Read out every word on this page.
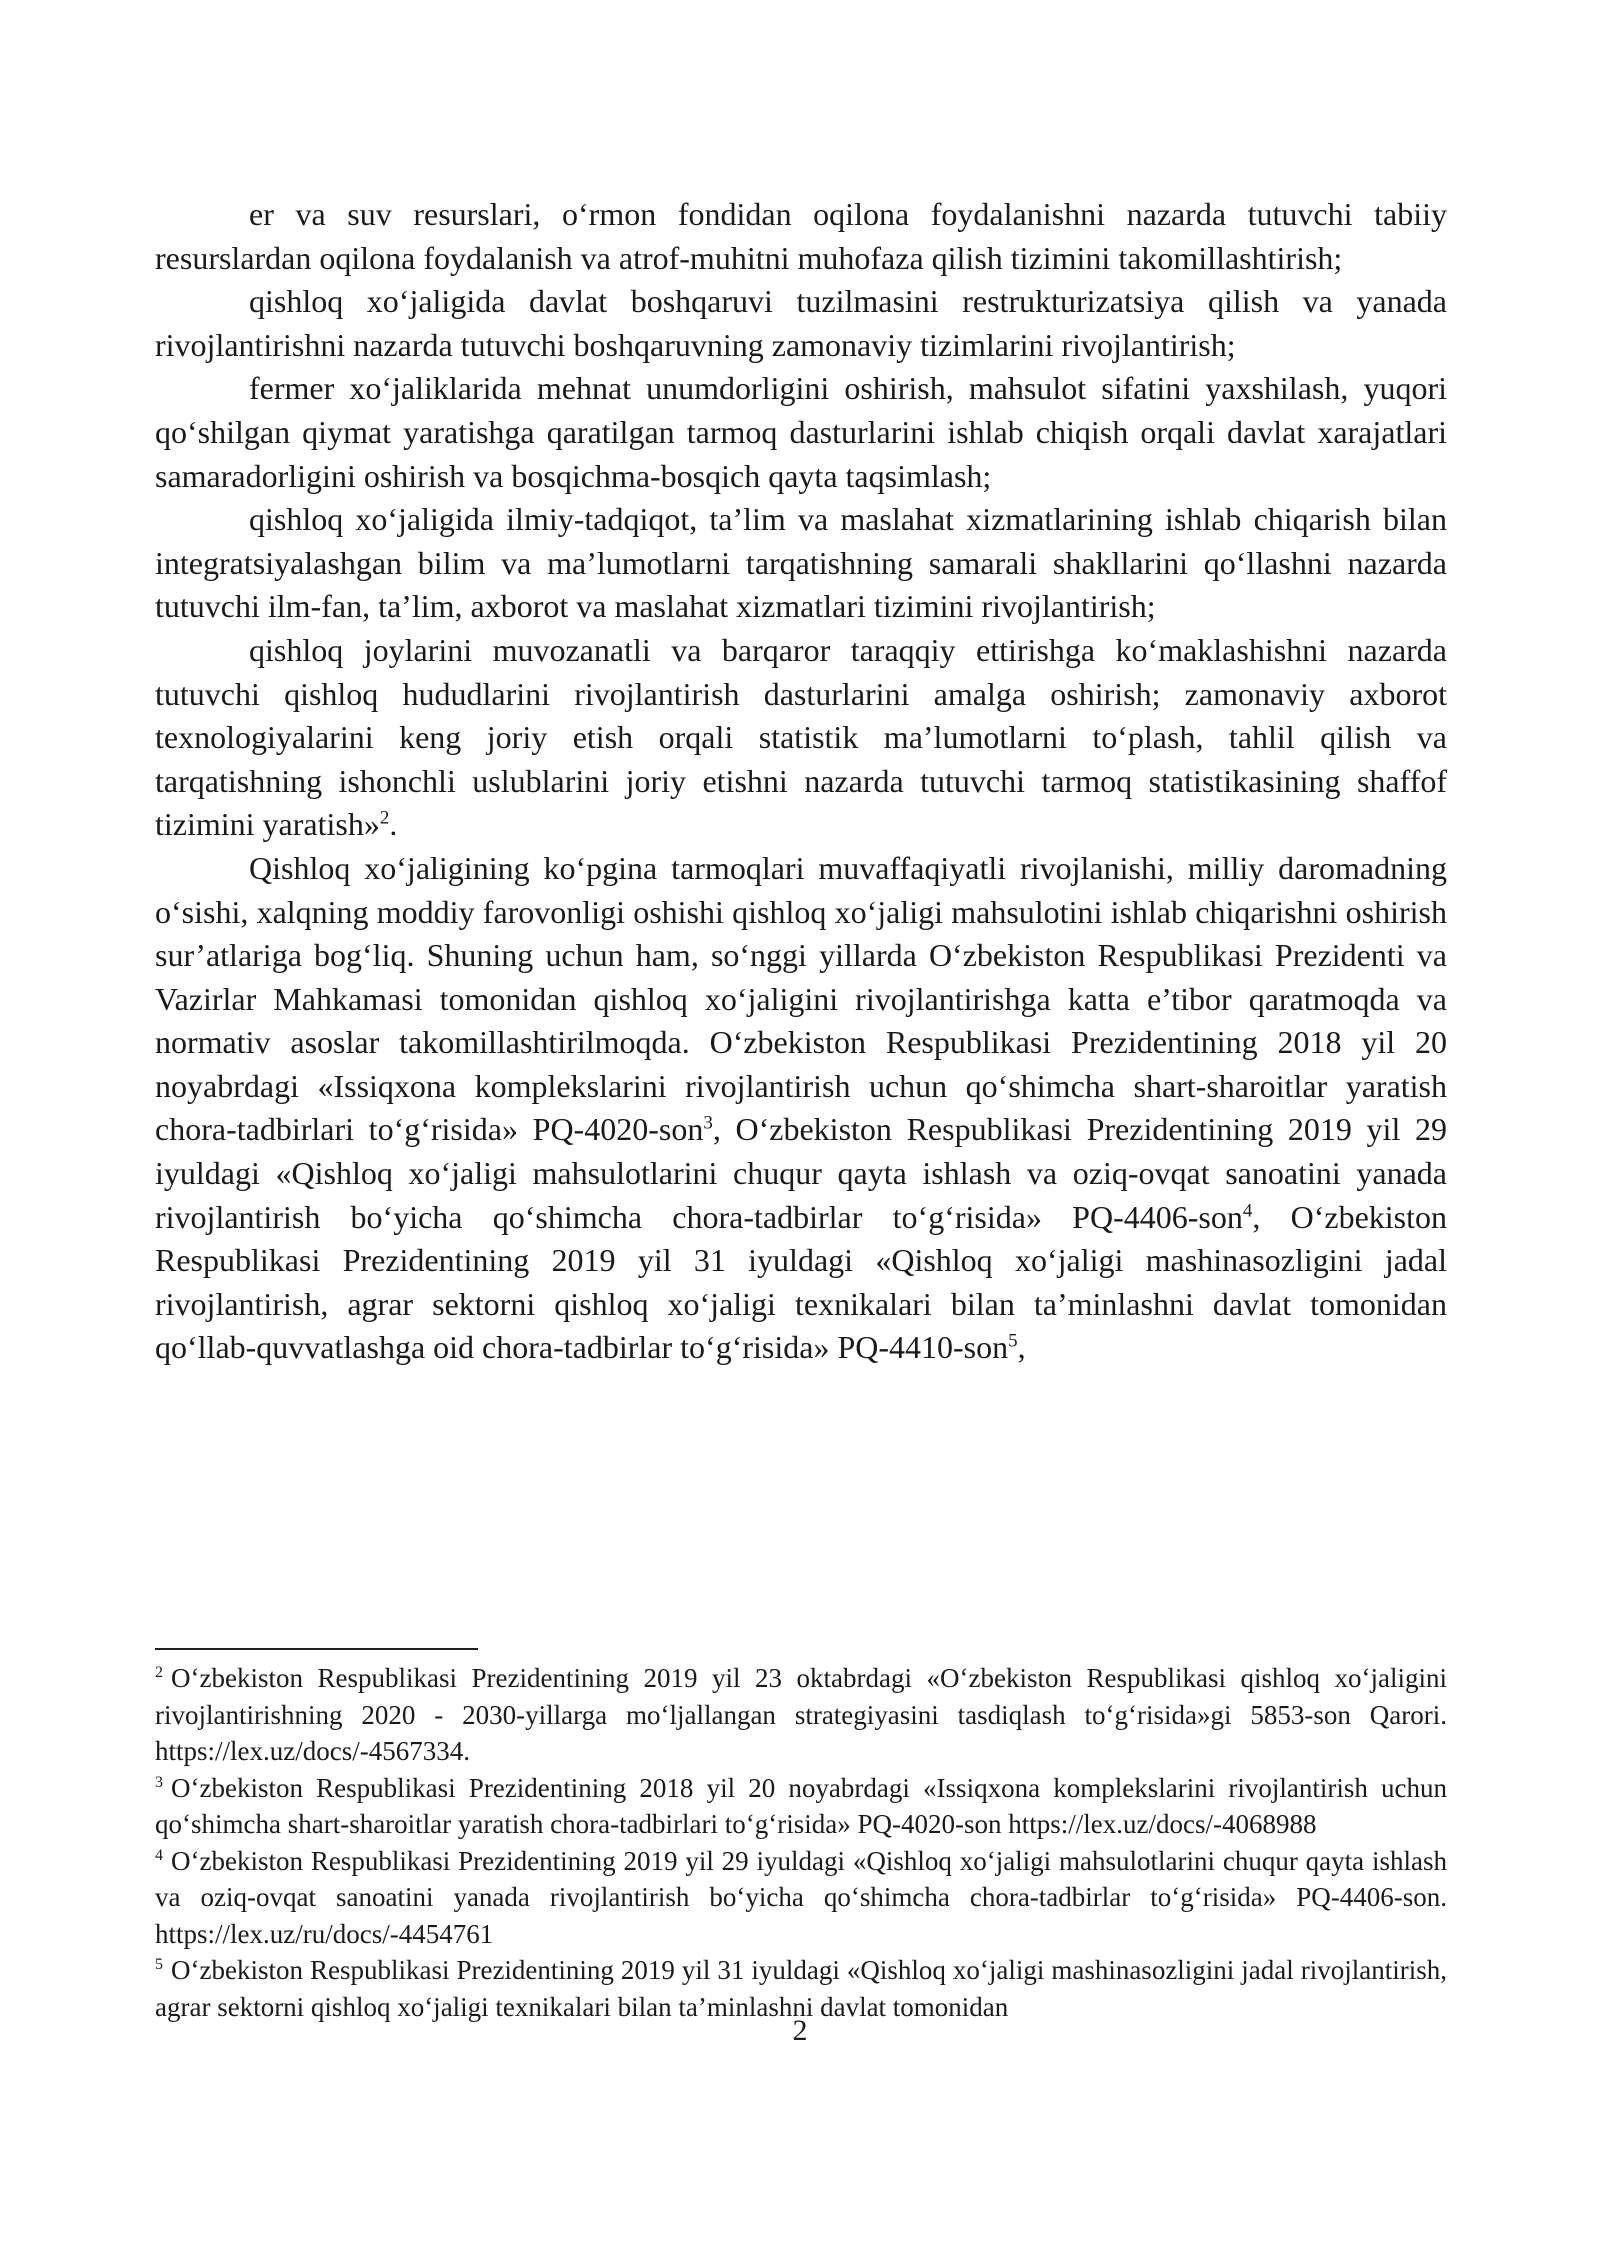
er va suv resurslari, o‘rmon fondidan oqilona foydalanishni nazarda tutuvchi tabiiy resurslardan oqilona foydalanish va atrof-muhitni muhofaza qilish tizimini takomillashtirish;

qishloq xo‘jaligida davlat boshqaruvi tuzilmasini restrukturizatsiya qilish va yanada rivojlantirishni nazarda tutuvchi boshqaruvning zamonaviy tizimlarini rivojlantirish;

fermer xo‘jaliklarida mehnat unumdorligini oshirish, mahsulot sifatini yaxshilash, yuqori qo‘shilgan qiymat yaratishga qaratilgan tarmoq dasturlarini ishlab chiqish orqali davlat xarajatlari samaradorligini oshirish va bosqichma-bosqich qayta taqsimlash;

qishloq xo‘jaligida ilmiy-tadqiqot, ta’lim va maslahat xizmatlarining ishlab chiqarish bilan integratsiyalashgan bilim va ma’lumotlarni tarqatishning samarali shakllarini qo‘llashni nazarda tutuvchi ilm-fan, ta’lim, axborot va maslahat xizmatlari tizimini rivojlantirish;

qishloq joylarini muvozanatli va barqaror taraqqiy ettirishga ko‘maklashishni nazarda tutuvchi qishloq hududlarini rivojlantirish dasturlarini amalga oshirish; zamonaviy axborot texnologiyalarini keng joriy etish orqali statistik ma’lumotlarni to‘plash, tahlil qilish va tarqatishning ishonchli uslublarini joriy etishni nazarda tutuvchi tarmoq statistikasining shaffof tizimini yaratish»$^2$.

Qishloq xo‘jaligining ko‘pgina tarmoqlari muvaffaqiyatli rivojlanishi, milliy daromadning o‘sishi, xalqning moddiy farovonligi oshishi qishloq xo‘jaligi mahsulotini ishlab chiqarishni oshirish sur’atlariga bog‘liq. Shuning uchun ham, so‘nggi yillarda O‘zbekiston Respublikasi Prezidenti va Vazirlar Mahkamasi tomonidan qishloq xo‘jaligini rivojlantirishga katta e’tibor qaratmoqda va normativ asoslar takomillashtirilmoqda. O‘zbekiston Respublikasi Prezidentining 2018 yil 20 noyabrdagi «Issiqxona komplekslarini rivojlantirish uchun qo‘shimcha shart-sharoitlar yaratish chora-tadbirlari to‘g‘risida» PQ-4020-son$^3$, O‘zbekiston Respublikasi Prezidentining 2019 yil 29 iyuldagi «Qishloq xo‘jaligi mahsulotlarini chuqur qayta ishlash va oziq-ovqat sanoatini yanada rivojlantirish bo‘yicha qo‘shimcha chora-tadbirlar to‘g‘risida» PQ-4406-son$^4$, O‘zbekiston Respublikasi Prezidentining 2019 yil 31 iyuldagi «Qishloq xo‘jaligi mashinasozligini jadal rivojlantirish, agrar sektorni qishloq xo‘jaligi texnikalari bilan ta’minlashni davlat tomonidan qo‘llab-quvvatlashga oid chora-tadbirlar to‘g‘risida» PQ-4410-son$^5$,

$^2$ O‘zbekiston Respublikasi Prezidentining 2019 yil 23 oktabrdagi «O‘zbekiston Respublikasi qishloq xo‘jaligini rivojlantirishning 2020 - 2030-yillarga mo‘ljallangan strategiyasini tasdiqlash to‘g‘risida»gi 5853-son Qarori. https://lex.uz/docs/-4567334.

$^3$ O‘zbekiston Respublikasi Prezidentining 2018 yil 20 noyabrdagi «Issiqxona komplekslarini rivojlantirish uchun qo‘shimcha shart-sharoitlar yaratish chora-tadbirlari to‘g‘risida» PQ-4020-son https://lex.uz/docs/-4068988

$^4$ O‘zbekiston Respublikasi Prezidentining 2019 yil 29 iyuldagi «Qishloq xo‘jaligi mahsulotlarini chuqur qayta ishlash va oziq-ovqat sanoatini yanada rivojlantirish bo‘yicha qo‘shimcha chora-tadbirlar to‘g‘risida» PQ-4406-son. https://lex.uz/ru/docs/-4454761

$^5$ O‘zbekiston Respublikasi Prezidentining 2019 yil 31 iyuldagi «Qishloq xo‘jaligi mashinasozligini jadal rivojlantirish, agrar sektorni qishloq xo‘jaligi texnikalari bilan ta’minlashni davlat tomonidan

2
